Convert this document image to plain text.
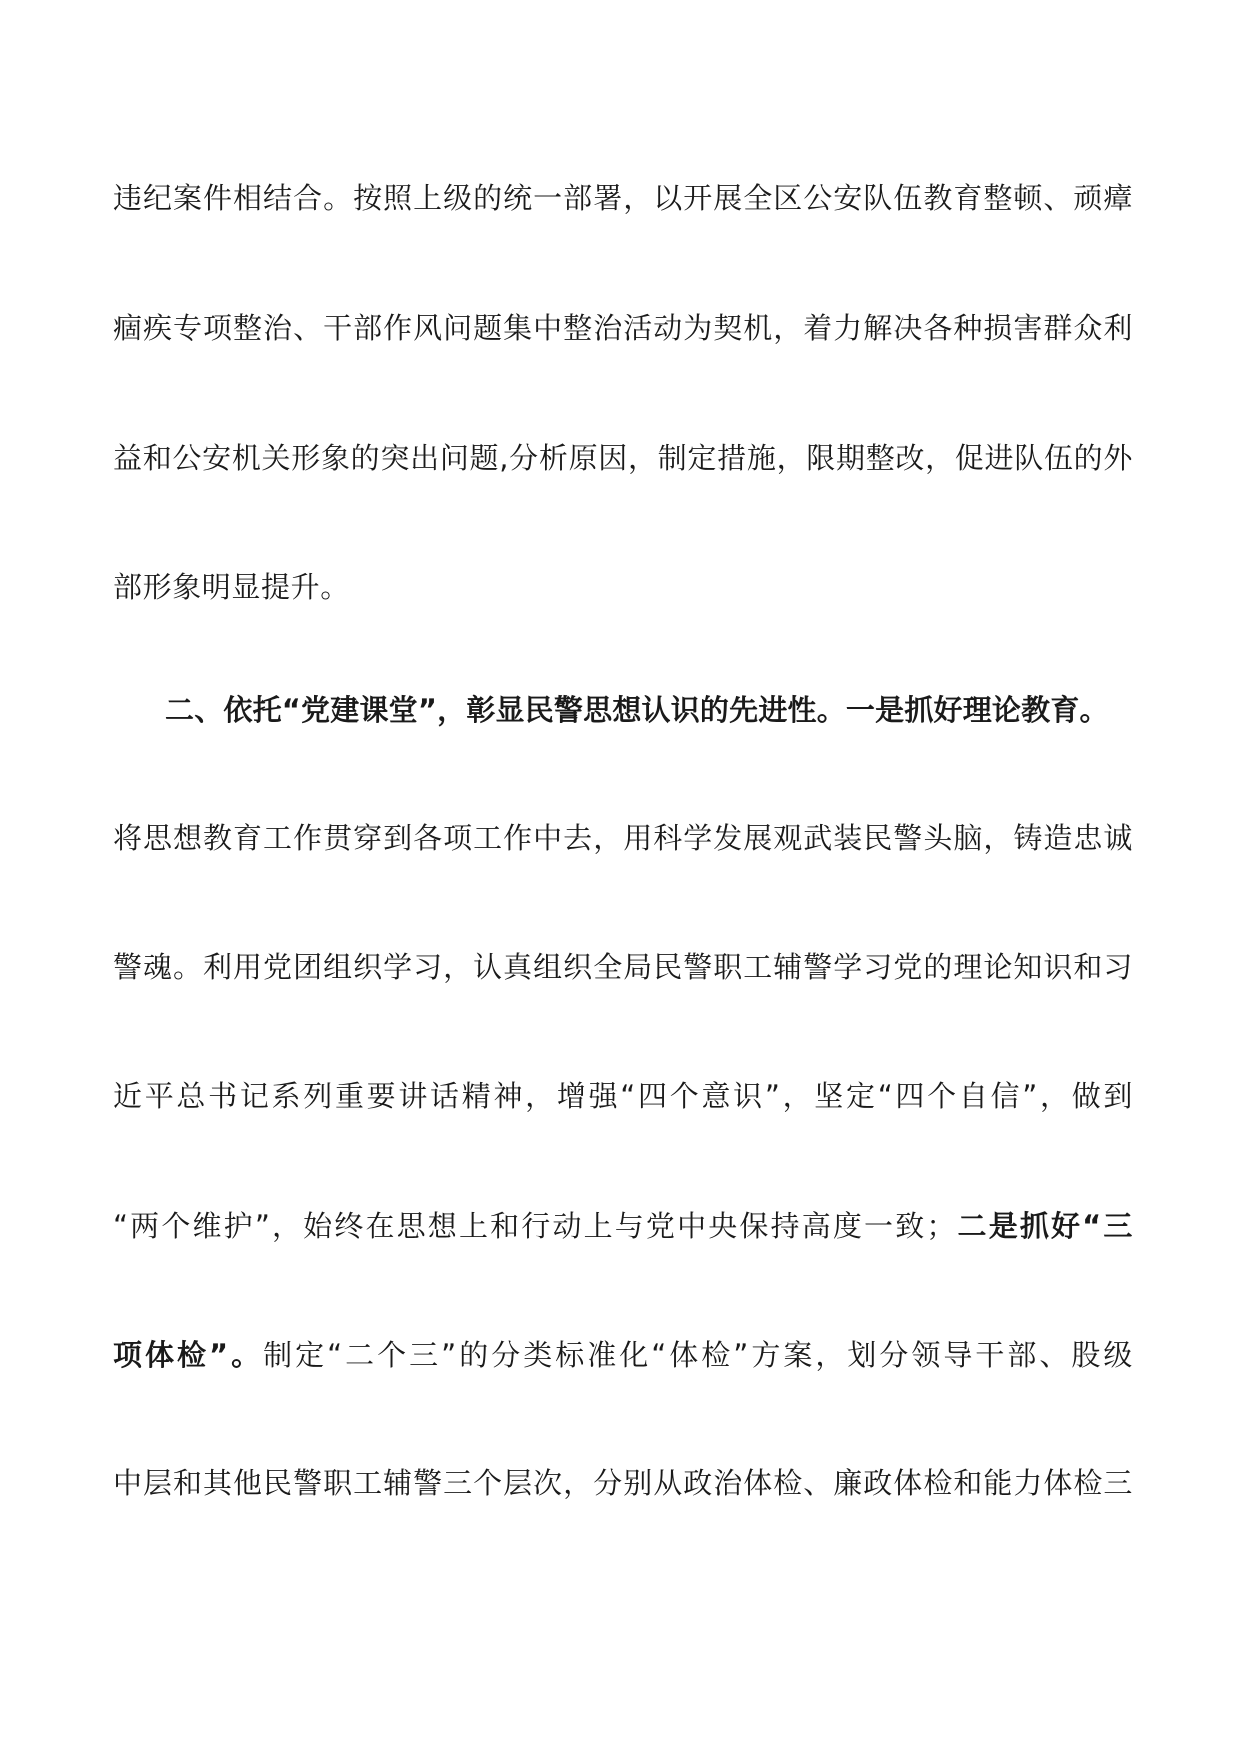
违纪案件相结合。按照上级的统一部署，以开展全区公安队伍教育整顿、顽瘴
痼疾专项整治、干部作风问题集中整治活动为契机，着力解决各种损害群众利
益和公安机关形象的突出问题,分析原因，制定措施，限期整改，促进队伍的外
部形象明显提升。
二、依托“党建课堂”，彰显民警思想认识的先进性。一是抓好理论教育。
将思想教育工作贯穿到各项工作中去，用科学发展观武装民警头脑，铸造忠诚
警魂。利用党团组织学习，认真组织全局民警职工辅警学习党的理论知识和习
近平总书记系列重要讲话精神，增强“四个意识”，坚定“四个自信”，做到
“两个维护”，始终在思想上和行动上与党中央保持高度一致；二是抓好“三
项体检”。制定“二个三”的分类标准化“体检”方案，划分领导干部、股级
中层和其他民警职工辅警三个层次，分别从政治体检、廉政体检和能力体检三
